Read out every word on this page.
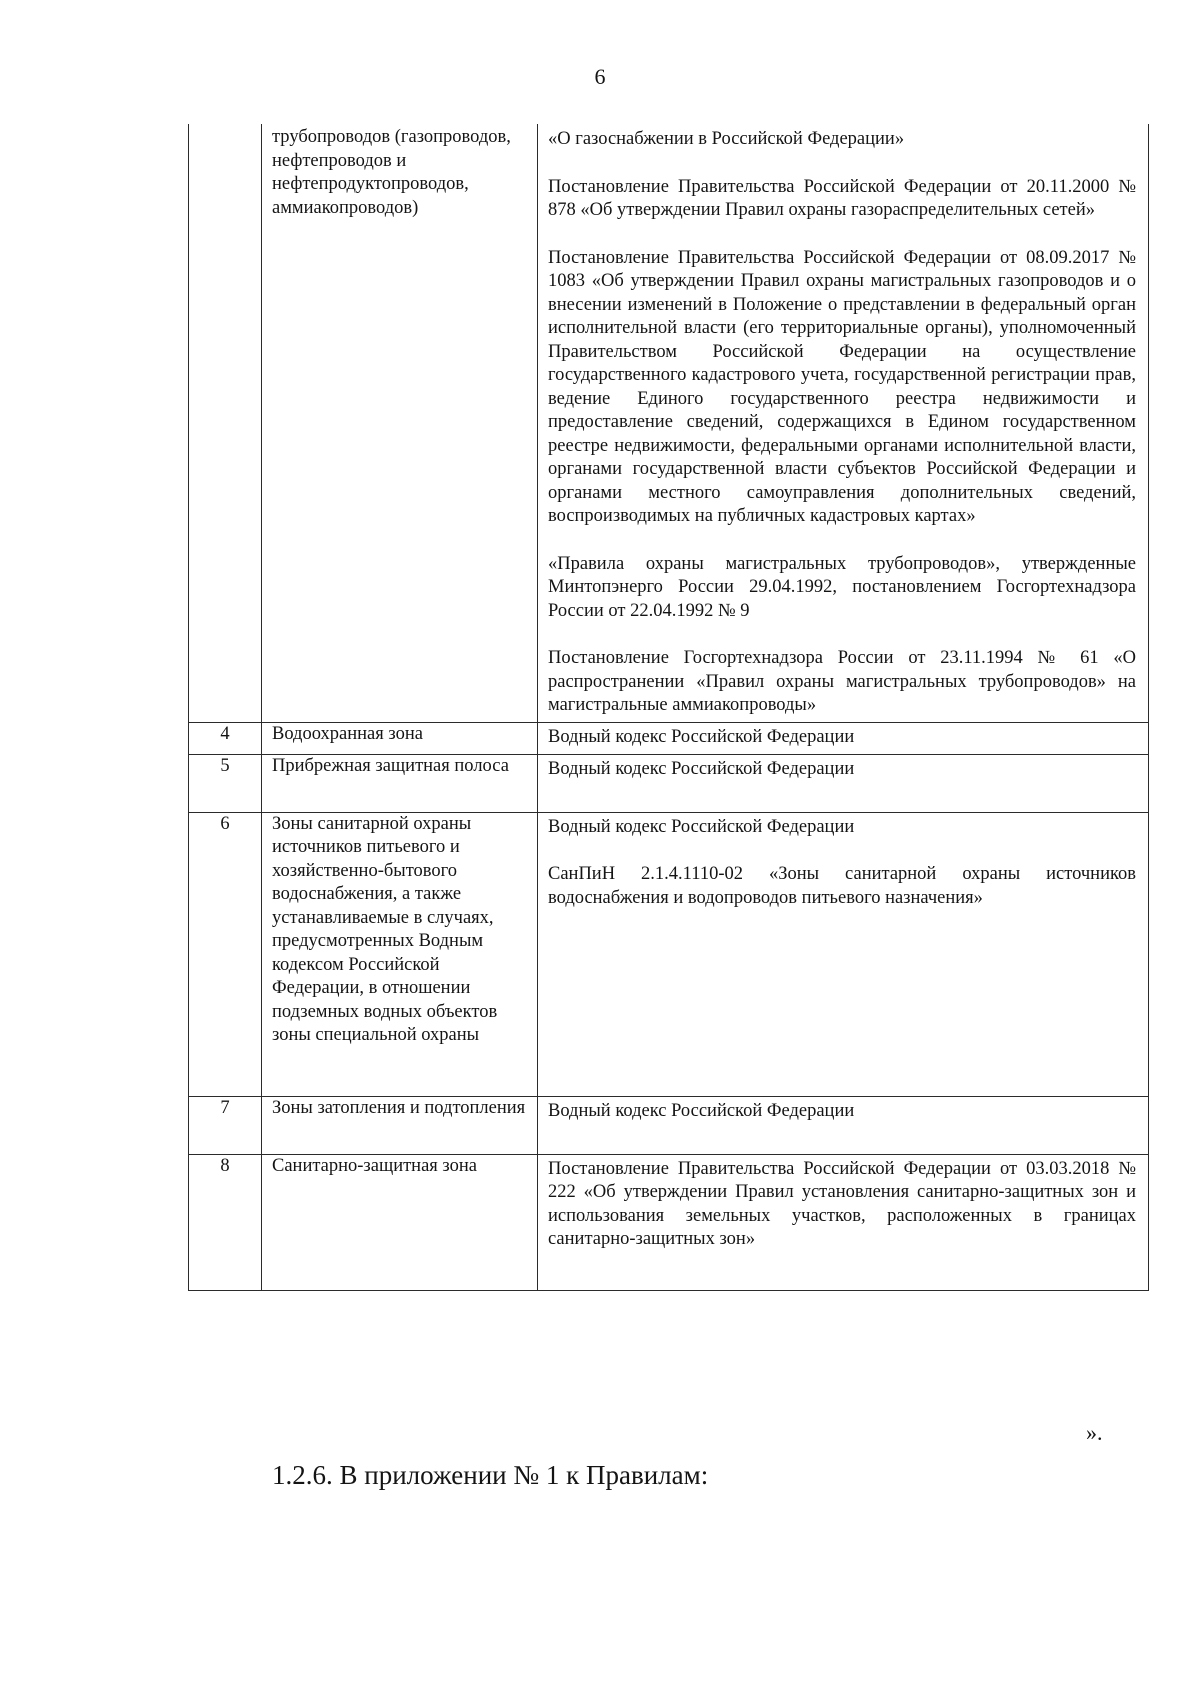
6
	трубопроводов (газопроводов, нефтепроводов и нефтепродуктопроводов, аммиакопроводов)	«О газоснабжении в Российской Федерации»

Постановление Правительства Российской Федерации от 20.11.2000 № 878 «Об утверждении Правил охраны газораспределительных сетей»

Постановление Правительства Российской Федерации от 08.09.2017 № 1083 «Об утверждении Правил охраны магистральных газопроводов и о внесении изменений в Положение о представлении в федеральный орган исполнительной власти (его территориальные органы), уполномоченный Правительством Российской Федерации на осуществление государственного кадастрового учета, государственной регистрации прав, ведение Единого государственного реестра недвижимости и предоставление сведений, содержащихся в Едином государственном реестре недвижимости, федеральными органами исполнительной власти, органами государственной власти субъектов Российской Федерации и органами местного самоуправления дополнительных сведений, воспроизводимых на публичных кадастровых картах»

«Правила охраны магистральных трубопроводов», утвержденные Минтопэнерго России 29.04.1992, постановлением Госгортехнадзора России от 22.04.1992 № 9

Постановление Госгортехнадзора России от 23.11.1994 № 61 «О распространении «Правил охраны магистральных трубопроводов» на магистральные аммиакопроводы»

4	Водоохранная зона	Водный кодекс Российской Федерации

5	Прибрежная защитная полоса	Водный кодекс Российской Федерации

6	Зоны санитарной охраны источников питьевого и хозяйственно-бытового водоснабжения, а также устанавливаемые в случаях, предусмотренных Водным кодексом Российской Федерации, в отношении подземных водных объектов зоны специальной охраны	Водный кодекс Российской Федерации

СанПиН 2.1.4.1110-02 «Зоны санитарной охраны источников водоснабжения и водопроводов питьевого назначения»

7	Зоны затопления и подтопления	Водный кодекс Российской Федерации

8	Санитарно-защитная зона	Постановление Правительства Российской Федерации от 03.03.2018 № 222 «Об утверждении Правил установления санитарно-защитных зон и использования земельных участков, расположенных в границах санитарно-защитных зон»

».
1.2.6. В приложении № 1 к Правилам:
